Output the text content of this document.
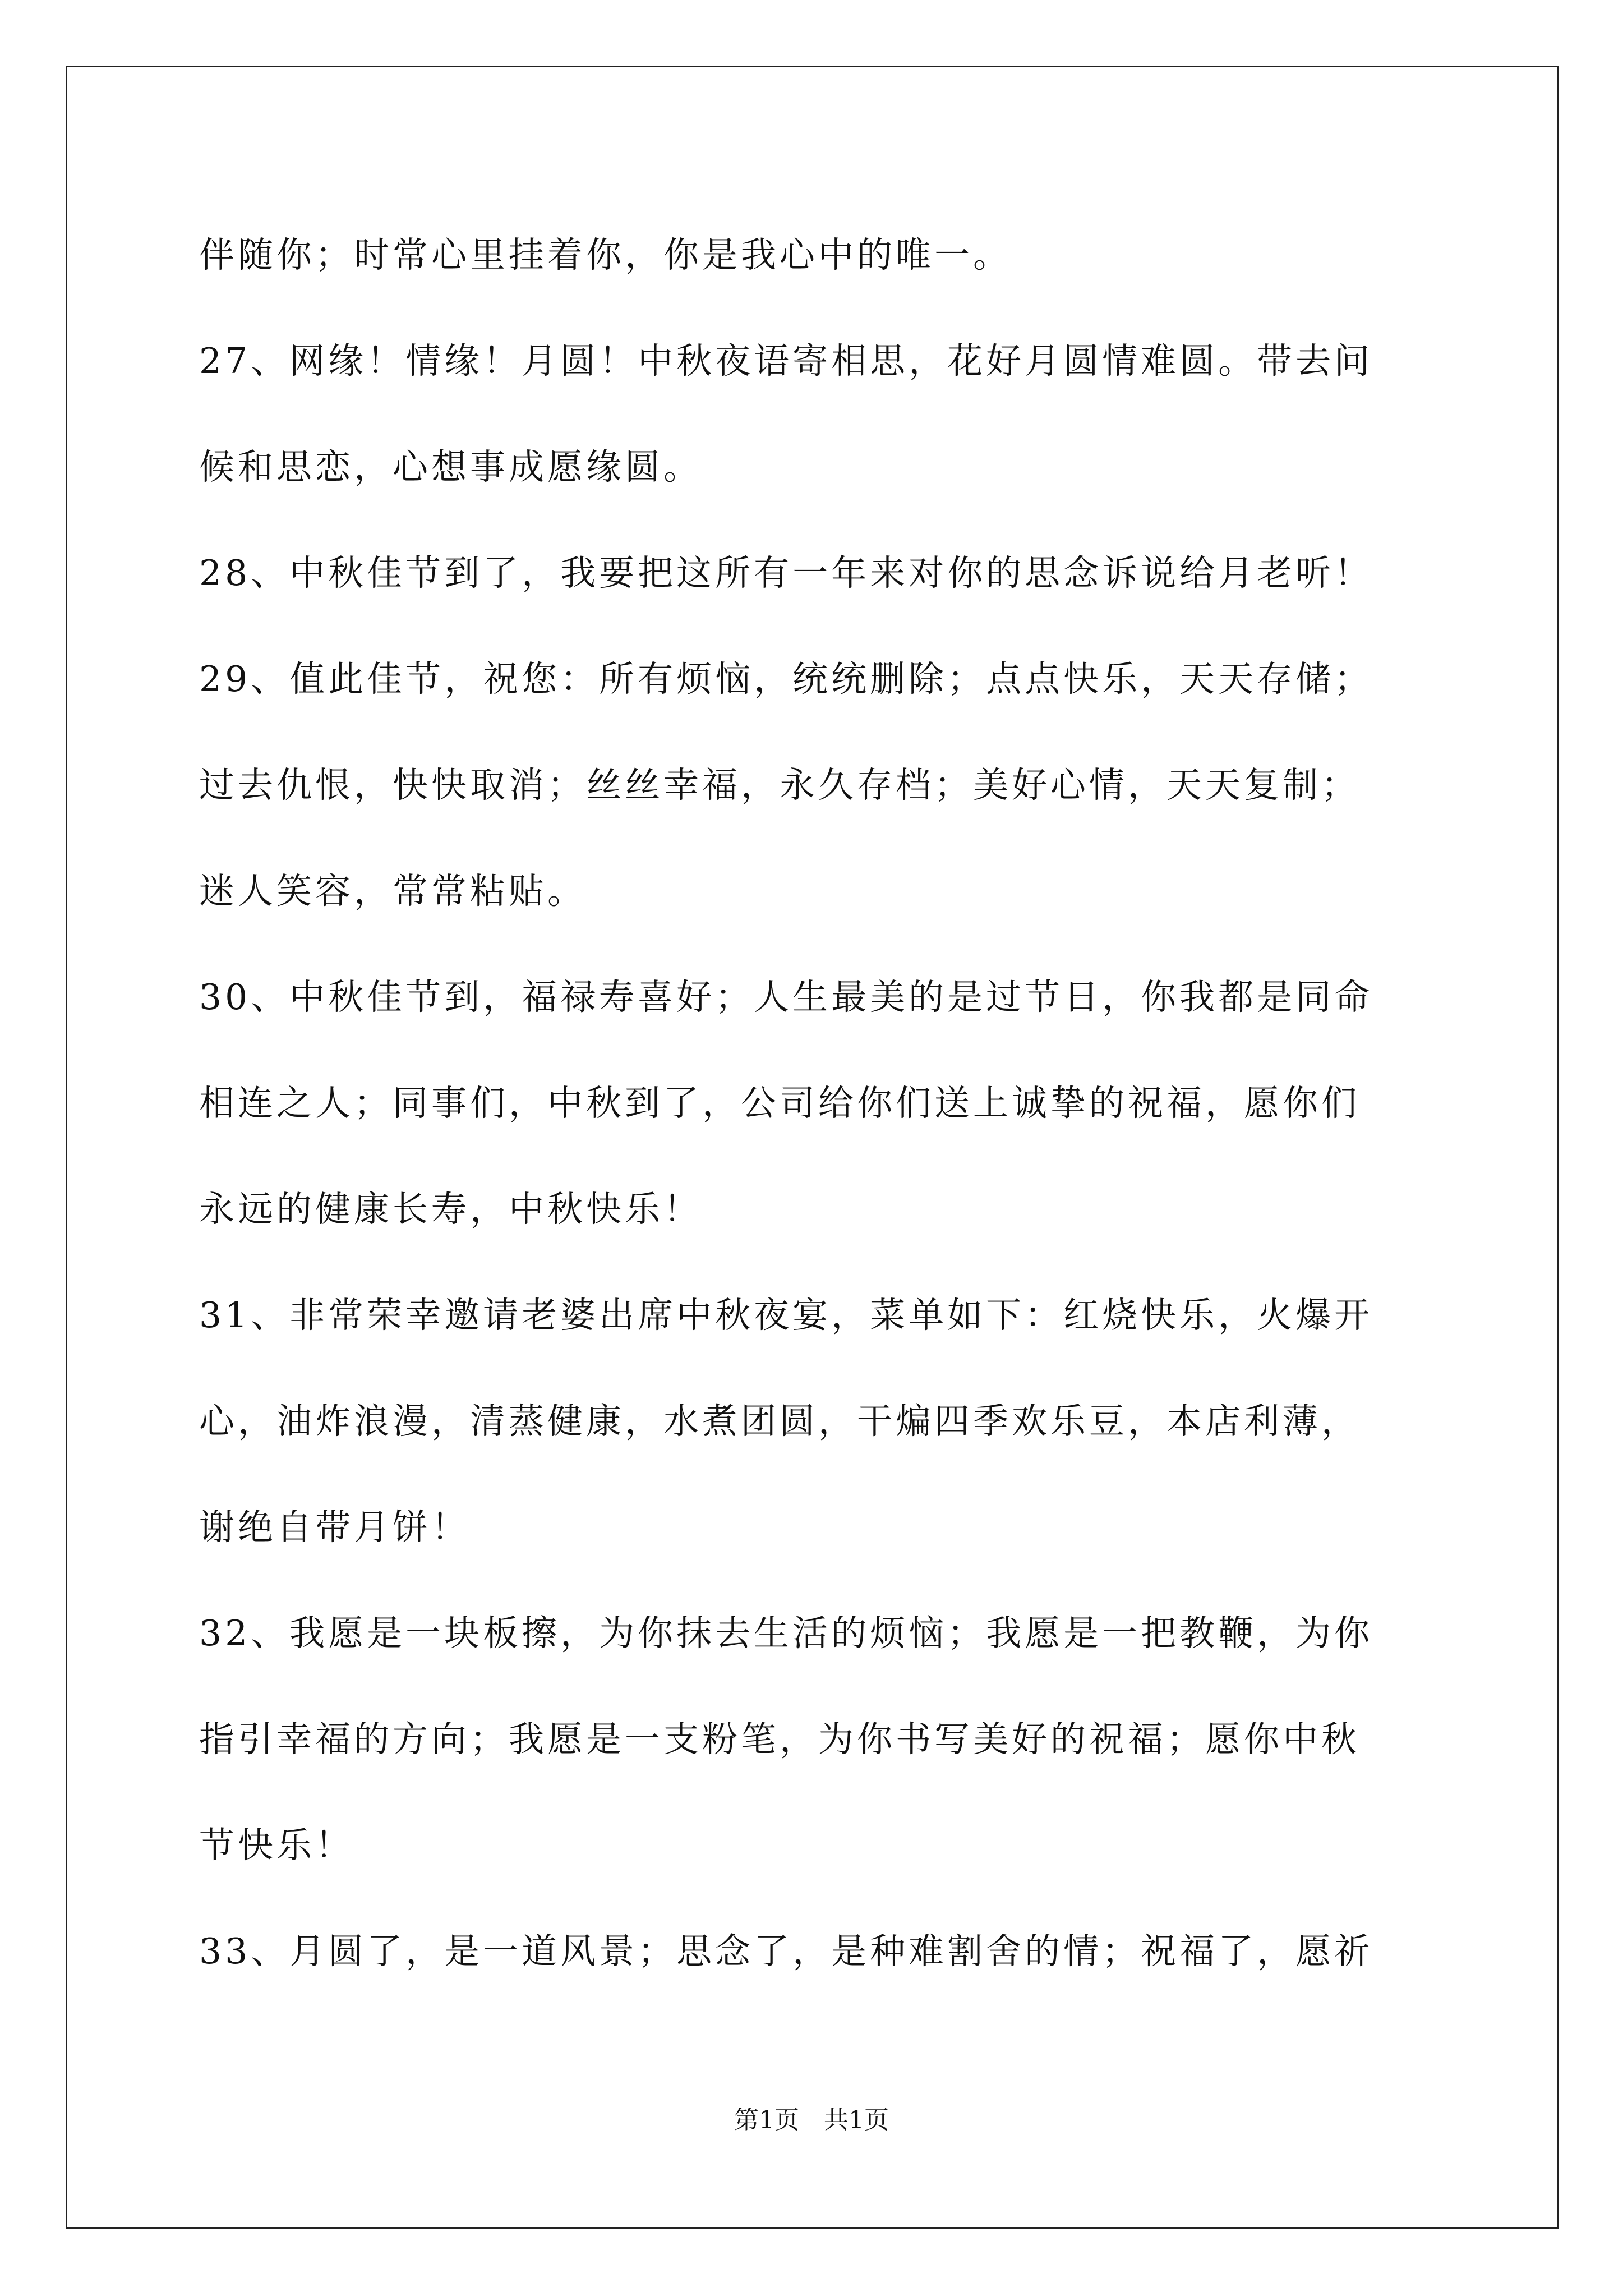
伴随你；时常心里挂着你，你是我心中的唯一。
27、网缘！情缘！月圆！中秋夜语寄相思，花好月圆情难圆。带去问
候和思恋，心想事成愿缘圆。
28、中秋佳节到了，我要把这所有一年来对你的思念诉说给月老听！
29、值此佳节，祝您：所有烦恼，统统删除；点点快乐，天天存储；
过去仇恨，快快取消；丝丝幸福，永久存档；美好心情，天天复制；
迷人笑容，常常粘贴。
30、中秋佳节到，福禄寿喜好；人生最美的是过节日，你我都是同命
相连之人；同事们，中秋到了，公司给你们送上诚挚的祝福，愿你们
永远的健康长寿，中秋快乐！
31、非常荣幸邀请老婆出席中秋夜宴，菜单如下：红烧快乐，火爆开
心，油炸浪漫，清蒸健康，水煮团圆，干煸四季欢乐豆，本店利薄，
谢绝自带月饼！
32、我愿是一块板擦，为你抹去生活的烦恼；我愿是一把教鞭，为你
指引幸福的方向；我愿是一支粉笔，为你书写美好的祝福；愿你中秋
节快乐！
33、月圆了，是一道风景；思念了，是种难割舍的情；祝福了，愿祈
第1页　共1页
